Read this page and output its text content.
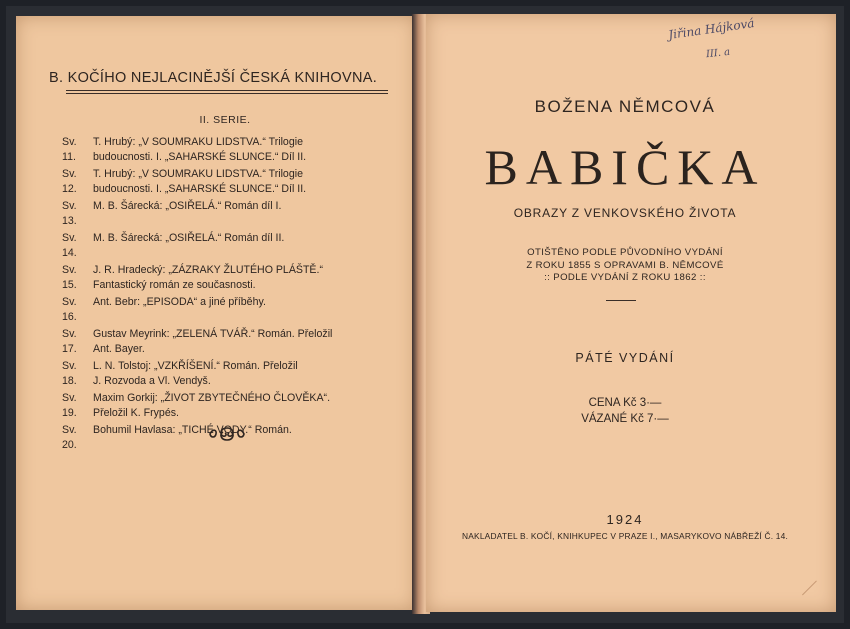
B. KOČÍHO NEJLACINĚJŠÍ ČESKÁ KNIHOVNA.
II. SERIE.
Sv. 11.
T. Hrubý: „V SOUMRAKU LIDSTVA.“ Trilogie
budoucnosti. I. „SAHARSKÉ SLUNCE.“ Díl II.
Sv. 12.
T. Hrubý: „V SOUMRAKU LIDSTVA.“ Trilogie
budoucnosti. I. „SAHARSKÉ SLUNCE.“ Díl II.
Sv. 13.
M. B. Šárecká: „OSIŘELÁ.“ Román díl I.
Sv. 14.
M. B. Šárecká: „OSIŘELÁ.“ Román díl II.
Sv. 15.
J. R. Hradecký: „ZÁZRAKY ŽLUTÉHO PLÁŠTĚ.“
Fantastický román ze současnosti.
Sv. 16.
Ant. Bebr: „EPISODA“ a jiné příběhy.
Sv. 17.
Gustav Meyrink: „ZELENÁ TVÁŘ.“ Román. Přeložil
Ant. Bayer.
Sv. 18.
L. N. Tolstoj: „VZKŘÍŠENÍ.“ Román. Přeložil
J. Rozvoda a Vl. Vendyš.
Sv. 19.
Maxim Gorkij: „ŽIVOT ZBYTEČNÉHO ČLOVĚKA“.
Přeložil K. Frypés.
Sv. 20.
Bohumil Havlasa: „TICHÉ VODY.“ Román.
Jiřina Hájková
III. a
BOŽENA NĚMCOVÁ
BABIČKA
OBRAZY Z VENKOVSKÉHO ŽIVOTA
OTIŠTĚNO PODLE PŮVODNÍHO VYDÁNÍ
Z ROKU 1855 S OPRAVAMI B. NĚMCOVÉ
:: PODLE VYDÁNÍ Z ROKU 1862 ::
PÁTÉ VYDÁNÍ
CENA Kč 3·—
VÁZANÉ Kč 7·—
1924
NAKLADATEL B. KOČÍ, KNIHKUPEC V PRAZE I., MASARYKOVO NÁBŘEŽÍ Č. 14.
